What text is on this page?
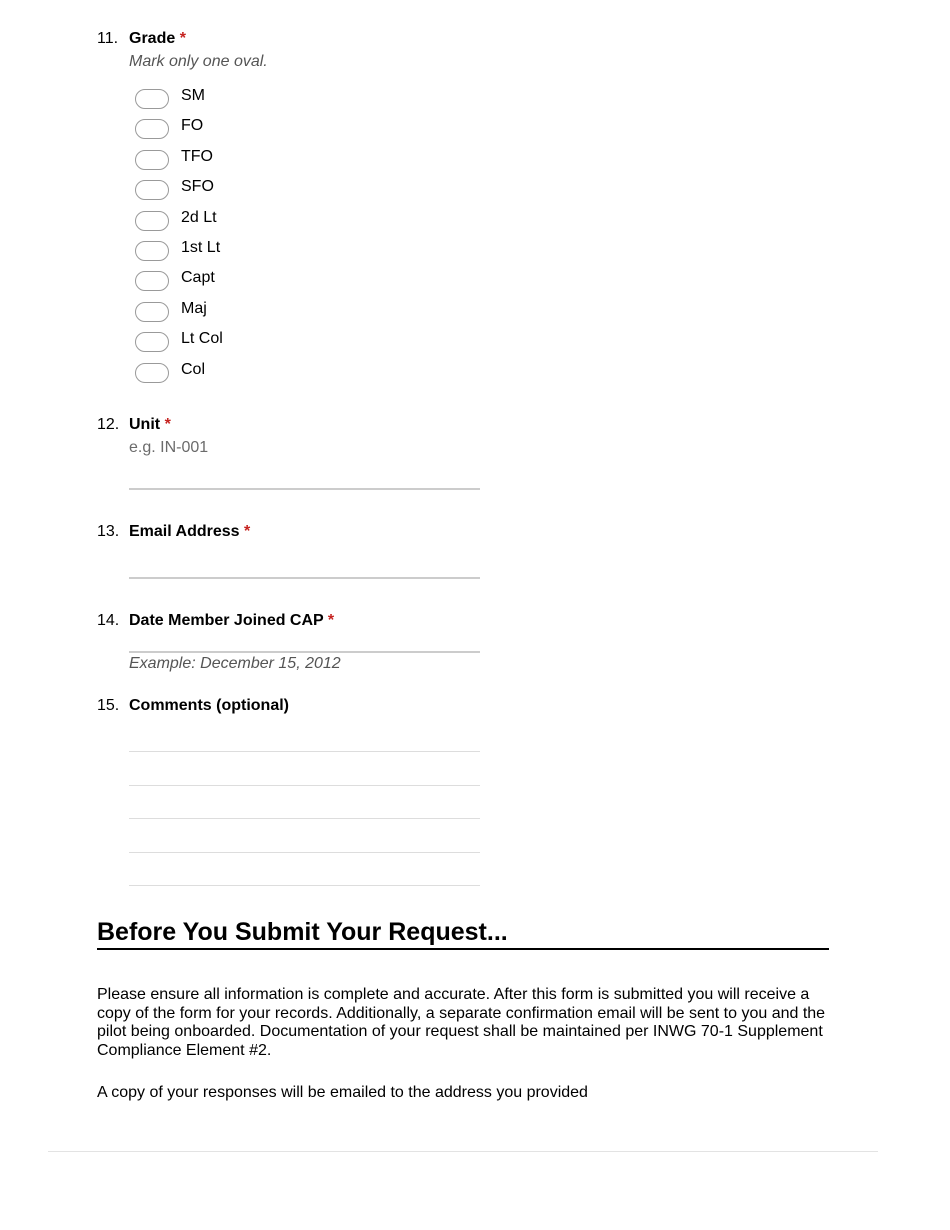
11. Grade *
Mark only one oval.
SM
FO
TFO
SFO
2d Lt
1st Lt
Capt
Maj
Lt Col
Col
12. Unit *
e.g. IN-001
13. Email Address *
14. Date Member Joined CAP *
Example: December 15, 2012
15. Comments (optional)
Before You Submit Your Request...
Please ensure all information is complete and accurate. After this form is submitted you will receive a copy of the form for your records. Additionally, a separate confirmation email will be sent to you and the pilot being onboarded. Documentation of your request shall be maintained per INWG 70-1 Supplement Compliance Element #2.
A copy of your responses will be emailed to the address you provided
